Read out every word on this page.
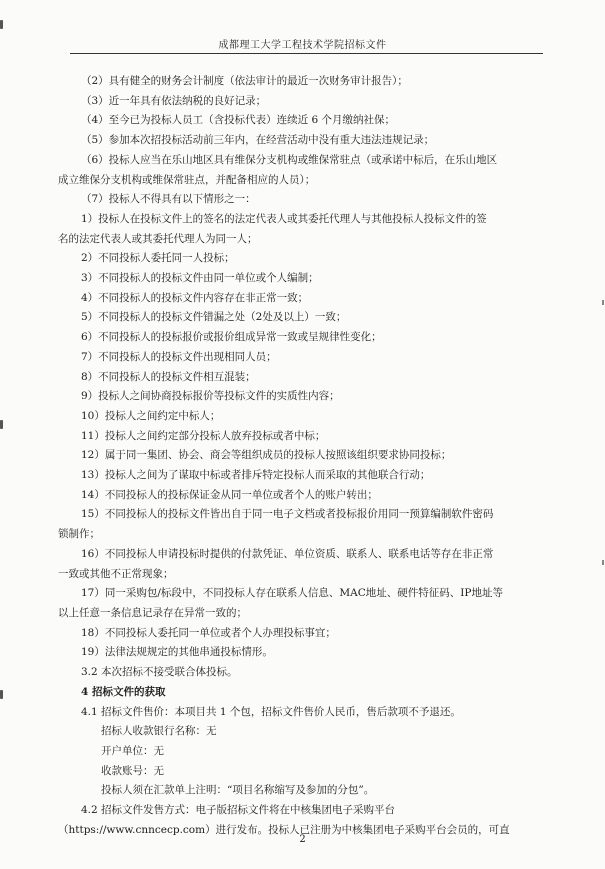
成都理工大学工程技术学院招标文件
（2）具有健全的财务会计制度（依法审计的最近一次财务审计报告）；
（3）近一年具有依法纳税的良好记录；
（4）至今已为投标人员工（含投标代表）连续近 6 个月缴纳社保；
（5）参加本次招投标活动前三年内，在经营活动中没有重大违法违规记录；
（6）投标人应当在乐山地区具有维保分支机构或维保常驻点（或承诺中标后，在乐山地区
成立维保分支机构或维保常驻点，并配备相应的人员）；
（7）投标人不得具有以下情形之一：
1）投标人在投标文件上的签名的法定代表人或其委托代理人与其他投标人投标文件的签
名的法定代表人或其委托代理人为同一人；
2）不同投标人委托同一人投标；
3）不同投标人的投标文件由同一单位或个人编制；
4）不同投标人的投标文件内容存在非正常一致；
5）不同投标人的投标文件错漏之处（2处及以上）一致；
6）不同投标人的投标报价或报价组成异常一致或呈规律性变化；
7）不同投标人的投标文件出现相同人员；
8）不同投标人的投标文件相互混装；
9）投标人之间协商投标报价等投标文件的实质性内容；
10）投标人之间约定中标人；
11）投标人之间约定部分投标人放弃投标或者中标；
12）属于同一集团、协会、商会等组织成员的投标人按照该组织要求协同投标；
13）投标人之间为了谋取中标或者排斥特定投标人而采取的其他联合行动；
14）不同投标人的投标保证金从同一单位或者个人的账户转出；
15）不同投标人的投标文件皆出自于同一电子文档或者投标报价用同一预算编制软件密码
锁制作；
16）不同投标人申请投标时提供的付款凭证、单位资质、联系人、联系电话等存在非正常
一致或其他不正常现象；
17）同一采购包/标段中，不同投标人存在联系人信息、MAC地址、硬件特征码、IP地址等
以上任意一条信息记录存在异常一致的；
18）不同投标人委托同一单位或者个人办理投标事宜；
19）法律法规规定的其他串通投标情形。
3.2 本次招标不接受联合体投标。
4 招标文件的获取
4.1 招标文件售价：本项目共 1 个包，招标文件售价人民币，售后款项不予退还。
招标人收款银行名称：无
开户单位：无
收款账号：无
投标人须在汇款单上注明：“项目名称缩写及参加的分包”。
4.2 招标文件发售方式：电子版招标文件将在中核集团电子采购平台
（https://www.cnncecp.com）进行发布。投标人已注册为中核集团电子采购平台会员的，可直
2
